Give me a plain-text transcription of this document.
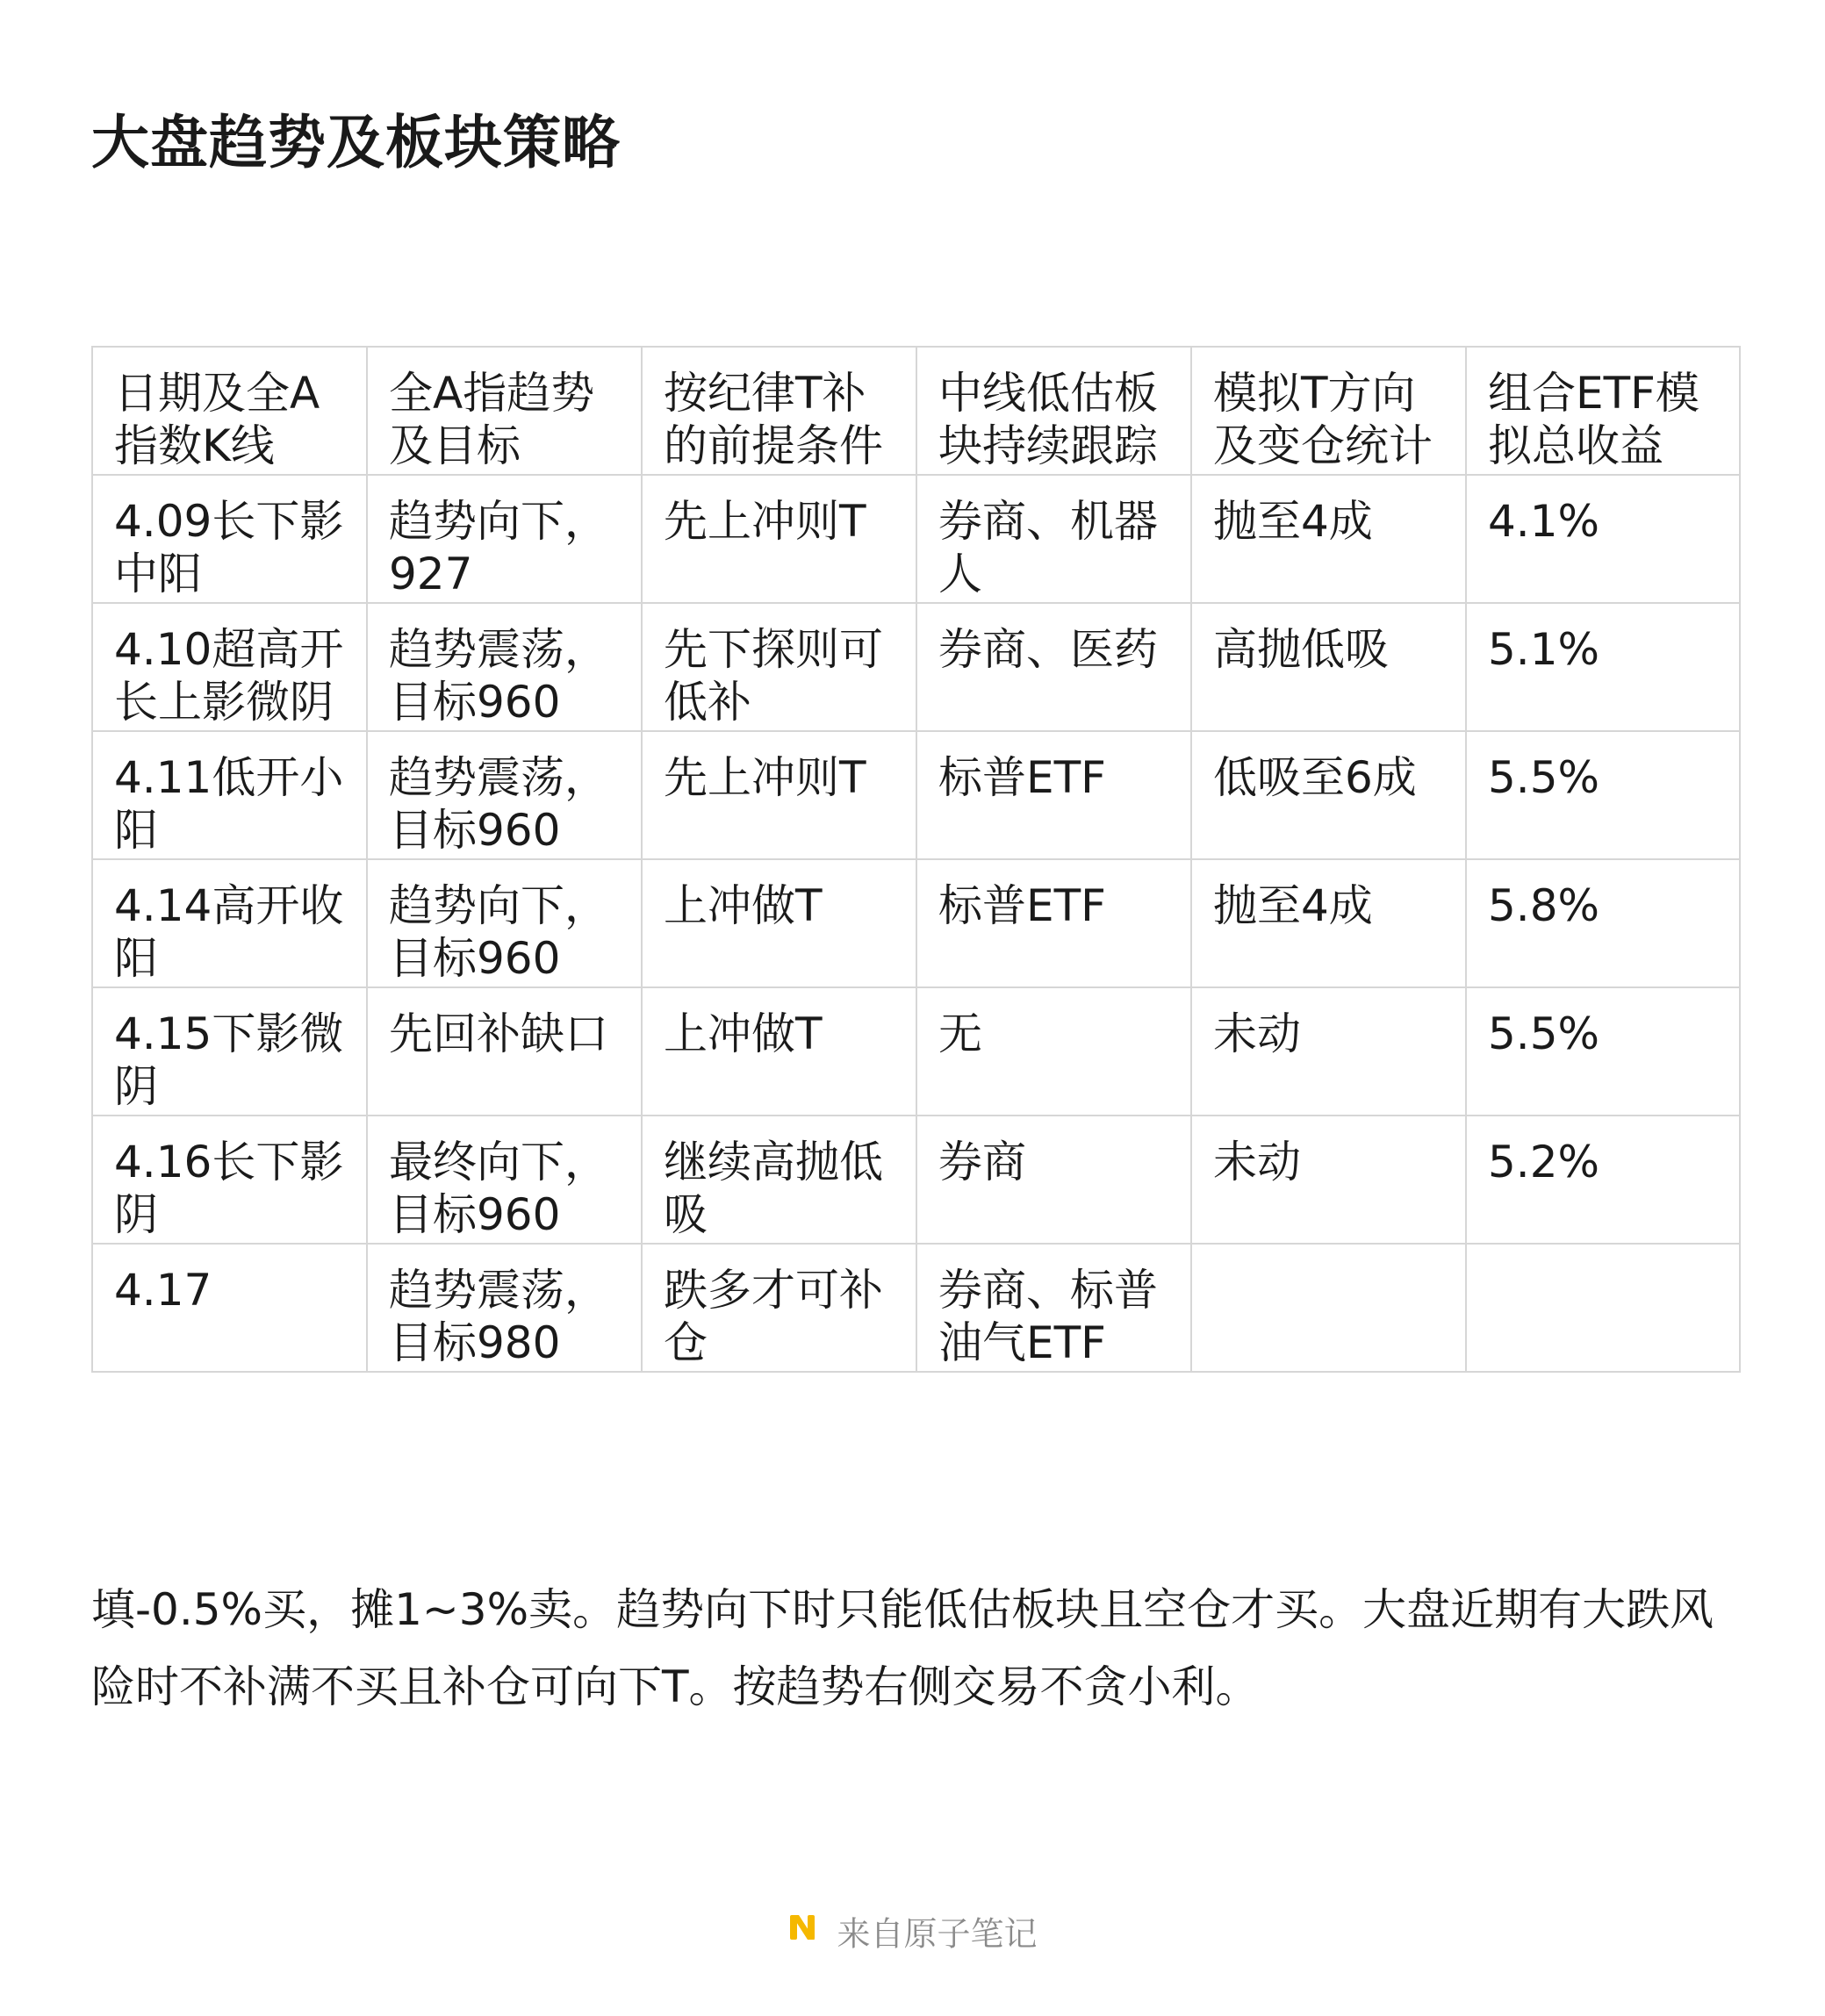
大盘趋势及板块策略
日期及全A指数K线	全A指趋势及目标	按纪律T补的前提条件	中线低估板块持续跟踪	模拟T方向及变仓统计	组合ETF模拟总收益
4.09长下影中阳	趋势向下，927	先上冲则T	券商、机器人	抛至4成	4.1%
4.10超高开长上影微阴	趋势震荡，目标960	先下探则可低补	券商、医药	高抛低吸	5.1%
4.11低开小阳	趋势震荡，目标960	先上冲则T	标普ETF	低吸至6成	5.5%
4.14高开收阳	趋势向下，目标960	上冲做T	标普ETF	抛至4成	5.8%
4.15下影微阴	先回补缺口	上冲做T	无	未动	5.5%
4.16长下影阴	最终向下，目标960	继续高抛低吸	券商	未动	5.2%
4.17	趋势震荡，目标980	跌多才可补仓	券商、标普油气ETF		

填-0.5%买，摊1~3%卖。趋势向下时只能低估板块且空仓才买。大盘近期有大跌风险时不补满不买且补仓可向下T。按趋势右侧交易不贪小利。

来自原子笔记
